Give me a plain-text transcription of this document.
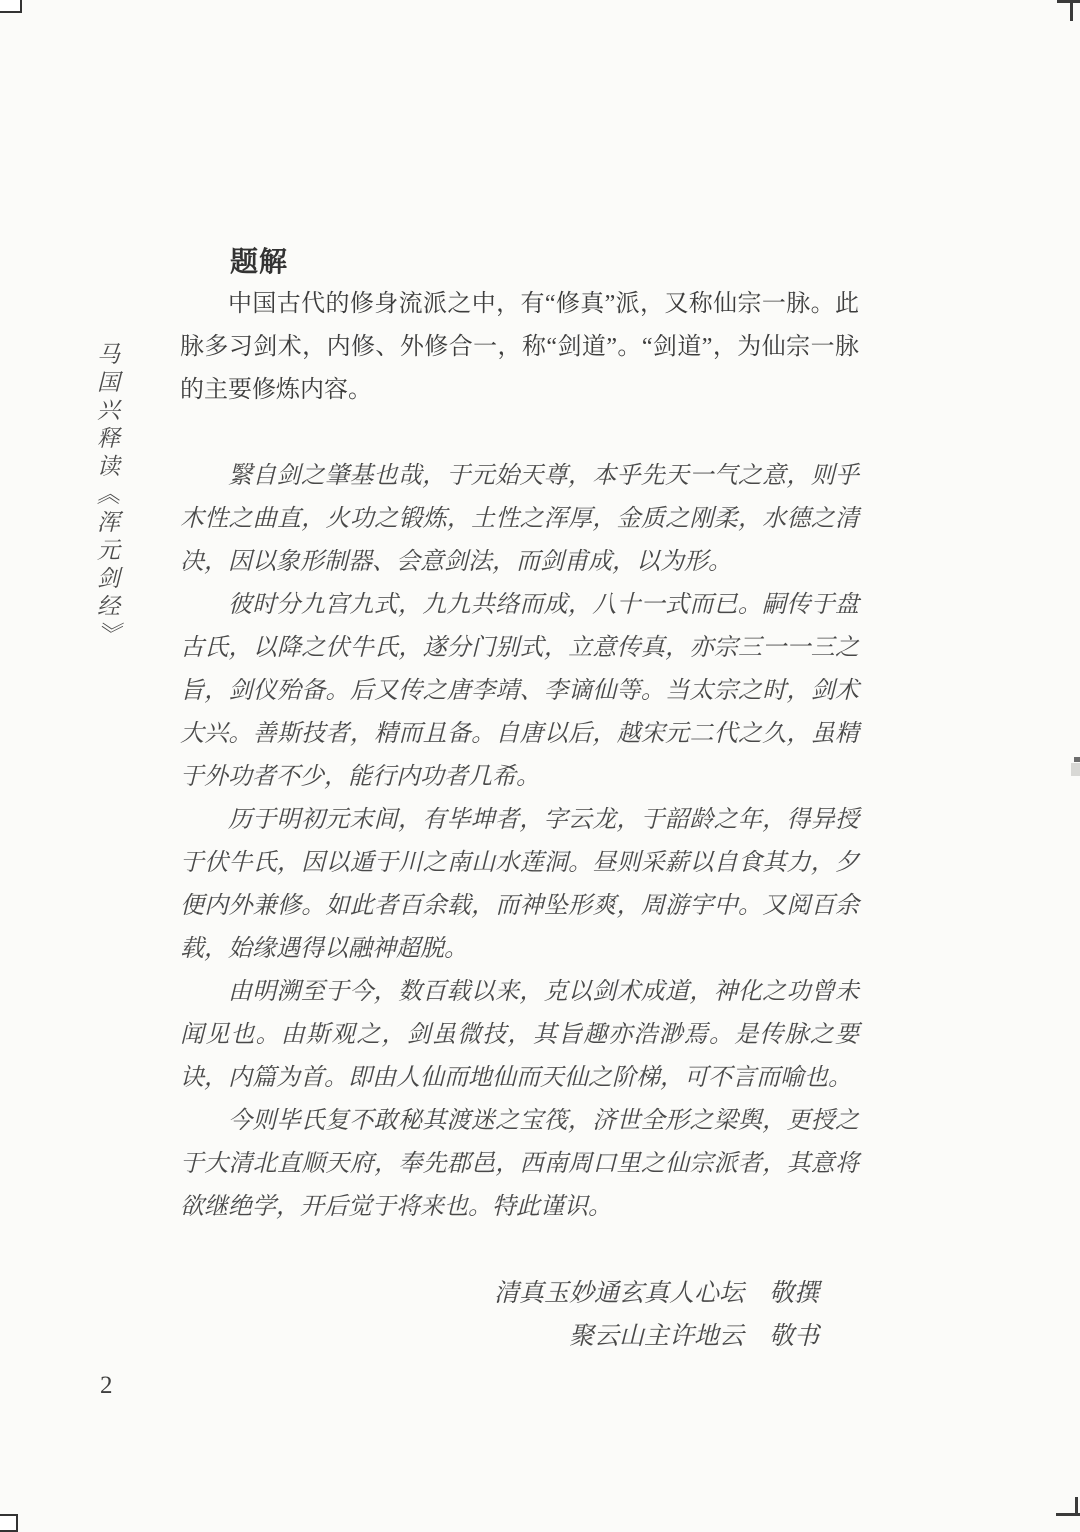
马国兴释读《浑元剑经》
题解

中国古代的修身流派之中，有“修真”派，又称仙宗一脉。此脉多习剑术，内修、外修合一，称“剑道”。“剑道”，为仙宗一脉的主要修炼内容。

繄自剑之肇基也哉，于元始天尊，本乎先天一气之意，则乎木性之曲直，火功之锻炼，土性之浑厚，金质之刚柔，水德之清决，因以象形制器、会意剑法，而剑甫成，以为形。

彼时分九宫九式，九九共络而成，八十一式而已。嗣传于盘古氏，以降之伏牛氏，遂分门别式，立意传真，亦宗三一一三之旨，剑仪殆备。后又传之唐李靖、李谪仙等。当太宗之时，剑术大兴。善斯技者，精而且备。自唐以后，越宋元二代之久，虽精于外功者不少，能行内功者几希。

历于明初元末间，有毕坤者，字云龙，于韶龄之年，得异授于伏牛氏，因以遁于川之南山水莲洞。昼则采薪以自食其力，夕便内外兼修。如此者百余载，而神坠形爽，周游宇中。又阅百余载，始缘遇得以融神超脱。

由明溯至于今，数百载以来，克以剑术成道，神化之功曾未闻见也。由斯观之，剑虽微技，其旨趣亦浩渺焉。是传脉之要诀，内篇为首。即由人仙而地仙而天仙之阶梯，可不言而喻也。

今则毕氏复不敢秘其渡迷之宝筏，济世全形之梁舆，更授之于大清北直顺天府，奉先郡邑，西南周口里之仙宗派者，其意将欲继绝学，开后觉于将来也。特此谨识。

清真玉妙通玄真人心坛　敬撰
聚云山主许地云　敬书
2
